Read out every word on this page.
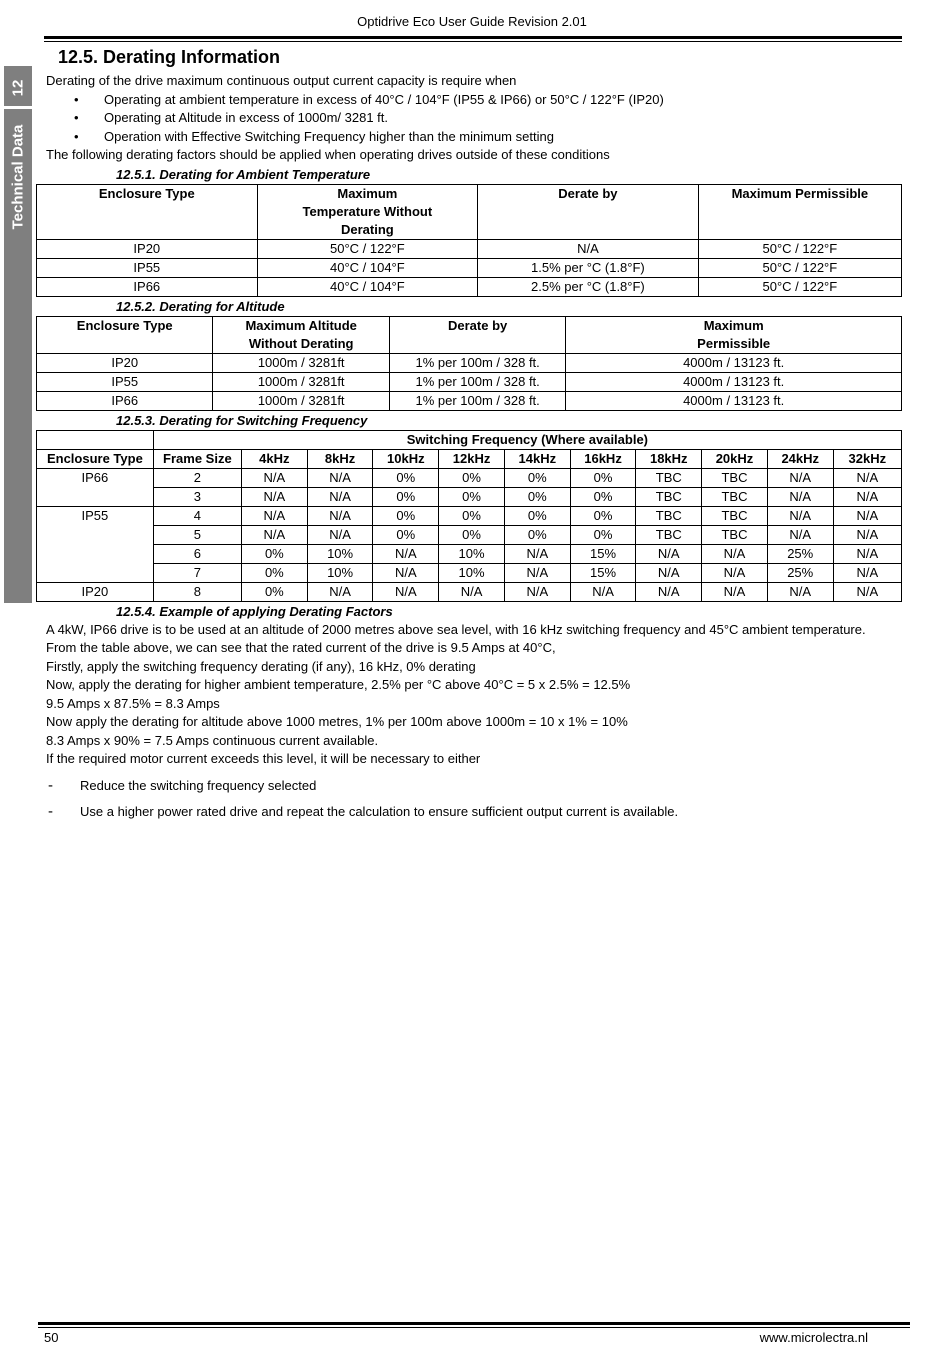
Optidrive Eco User Guide Revision 2.01
12
Technical Data
12.5. Derating Information

Derating of the drive maximum continuous output current capacity is require when

• Operating at ambient temperature in excess of 40°C / 104°F (IP55 & IP66) or 50°C / 122°F (IP20)
• Operating at Altitude in excess of 1000m/ 3281 ft.
• Operation with Effective Switching Frequency higher than the minimum setting

The following derating factors should be applied when operating drives outside of these conditions

12.5.1. Derating for Ambient Temperature

Enclosure Type	Maximum Temperature Without Derating	Derate by	Maximum Permissible
IP20	50°C / 122°F	N/A	50°C / 122°F
IP55	40°C / 104°F	1.5% per °C (1.8°F)	50°C / 122°F
IP66	40°C / 104°F	2.5% per °C (1.8°F)	50°C / 122°F

12.5.2. Derating for Altitude

Enclosure Type	Maximum Altitude Without Derating	Derate by	Maximum Permissible
IP20	1000m / 3281ft	1% per 100m / 328 ft.	4000m / 13123 ft.
IP55	1000m / 3281ft	1% per 100m / 328 ft.	4000m / 13123 ft.
IP66	1000m / 3281ft	1% per 100m / 328 ft.	4000m / 13123 ft.

12.5.3. Derating for Switching Frequency

	Switching Frequency (Where available)										
Enclosure Type	Frame Size	4kHz	8kHz	10kHz	12kHz	14kHz	16kHz	18kHz	20kHz	24kHz	32kHz
IP66	2	N/A	N/A	0%	0%	0%	0%	TBC	TBC	N/A	N/A
	3	N/A	N/A	0%	0%	0%	0%	TBC	TBC	N/A	N/A
IP55	4	N/A	N/A	0%	0%	0%	0%	TBC	TBC	N/A	N/A
	5	N/A	N/A	0%	0%	0%	0%	TBC	TBC	N/A	N/A
	6	0%	10%	N/A	10%	N/A	15%	N/A	N/A	25%	N/A
	7	0%	10%	N/A	10%	N/A	15%	N/A	N/A	25%	N/A
IP20	8	0%	N/A	N/A	N/A	N/A	N/A	N/A	N/A	N/A	N/A

12.5.4. Example of applying Derating Factors

A 4kW, IP66 drive is to be used at an altitude of 2000 metres above sea level, with 16 kHz switching frequency and 45°C ambient temperature.

From the table above, we can see that the rated current of the drive is 9.5 Amps at 40°C,

Firstly, apply the switching frequency derating (if any), 16 kHz, 0% derating

Now, apply the derating for higher ambient temperature, 2.5% per °C above 40°C = 5 x 2.5% = 12.5%

9.5 Amps x 87.5% = 8.3 Amps

Now apply the derating for altitude above 1000 metres, 1% per 100m above 1000m = 10 x 1% = 10%

8.3 Amps x 90% = 7.5 Amps continuous current available.

If the required motor current exceeds this level, it will be necessary to either

- Reduce the switching frequency selected
- Use a higher power rated drive and repeat the calculation to ensure sufficient output current is available.
50	www.microlectra.nl
